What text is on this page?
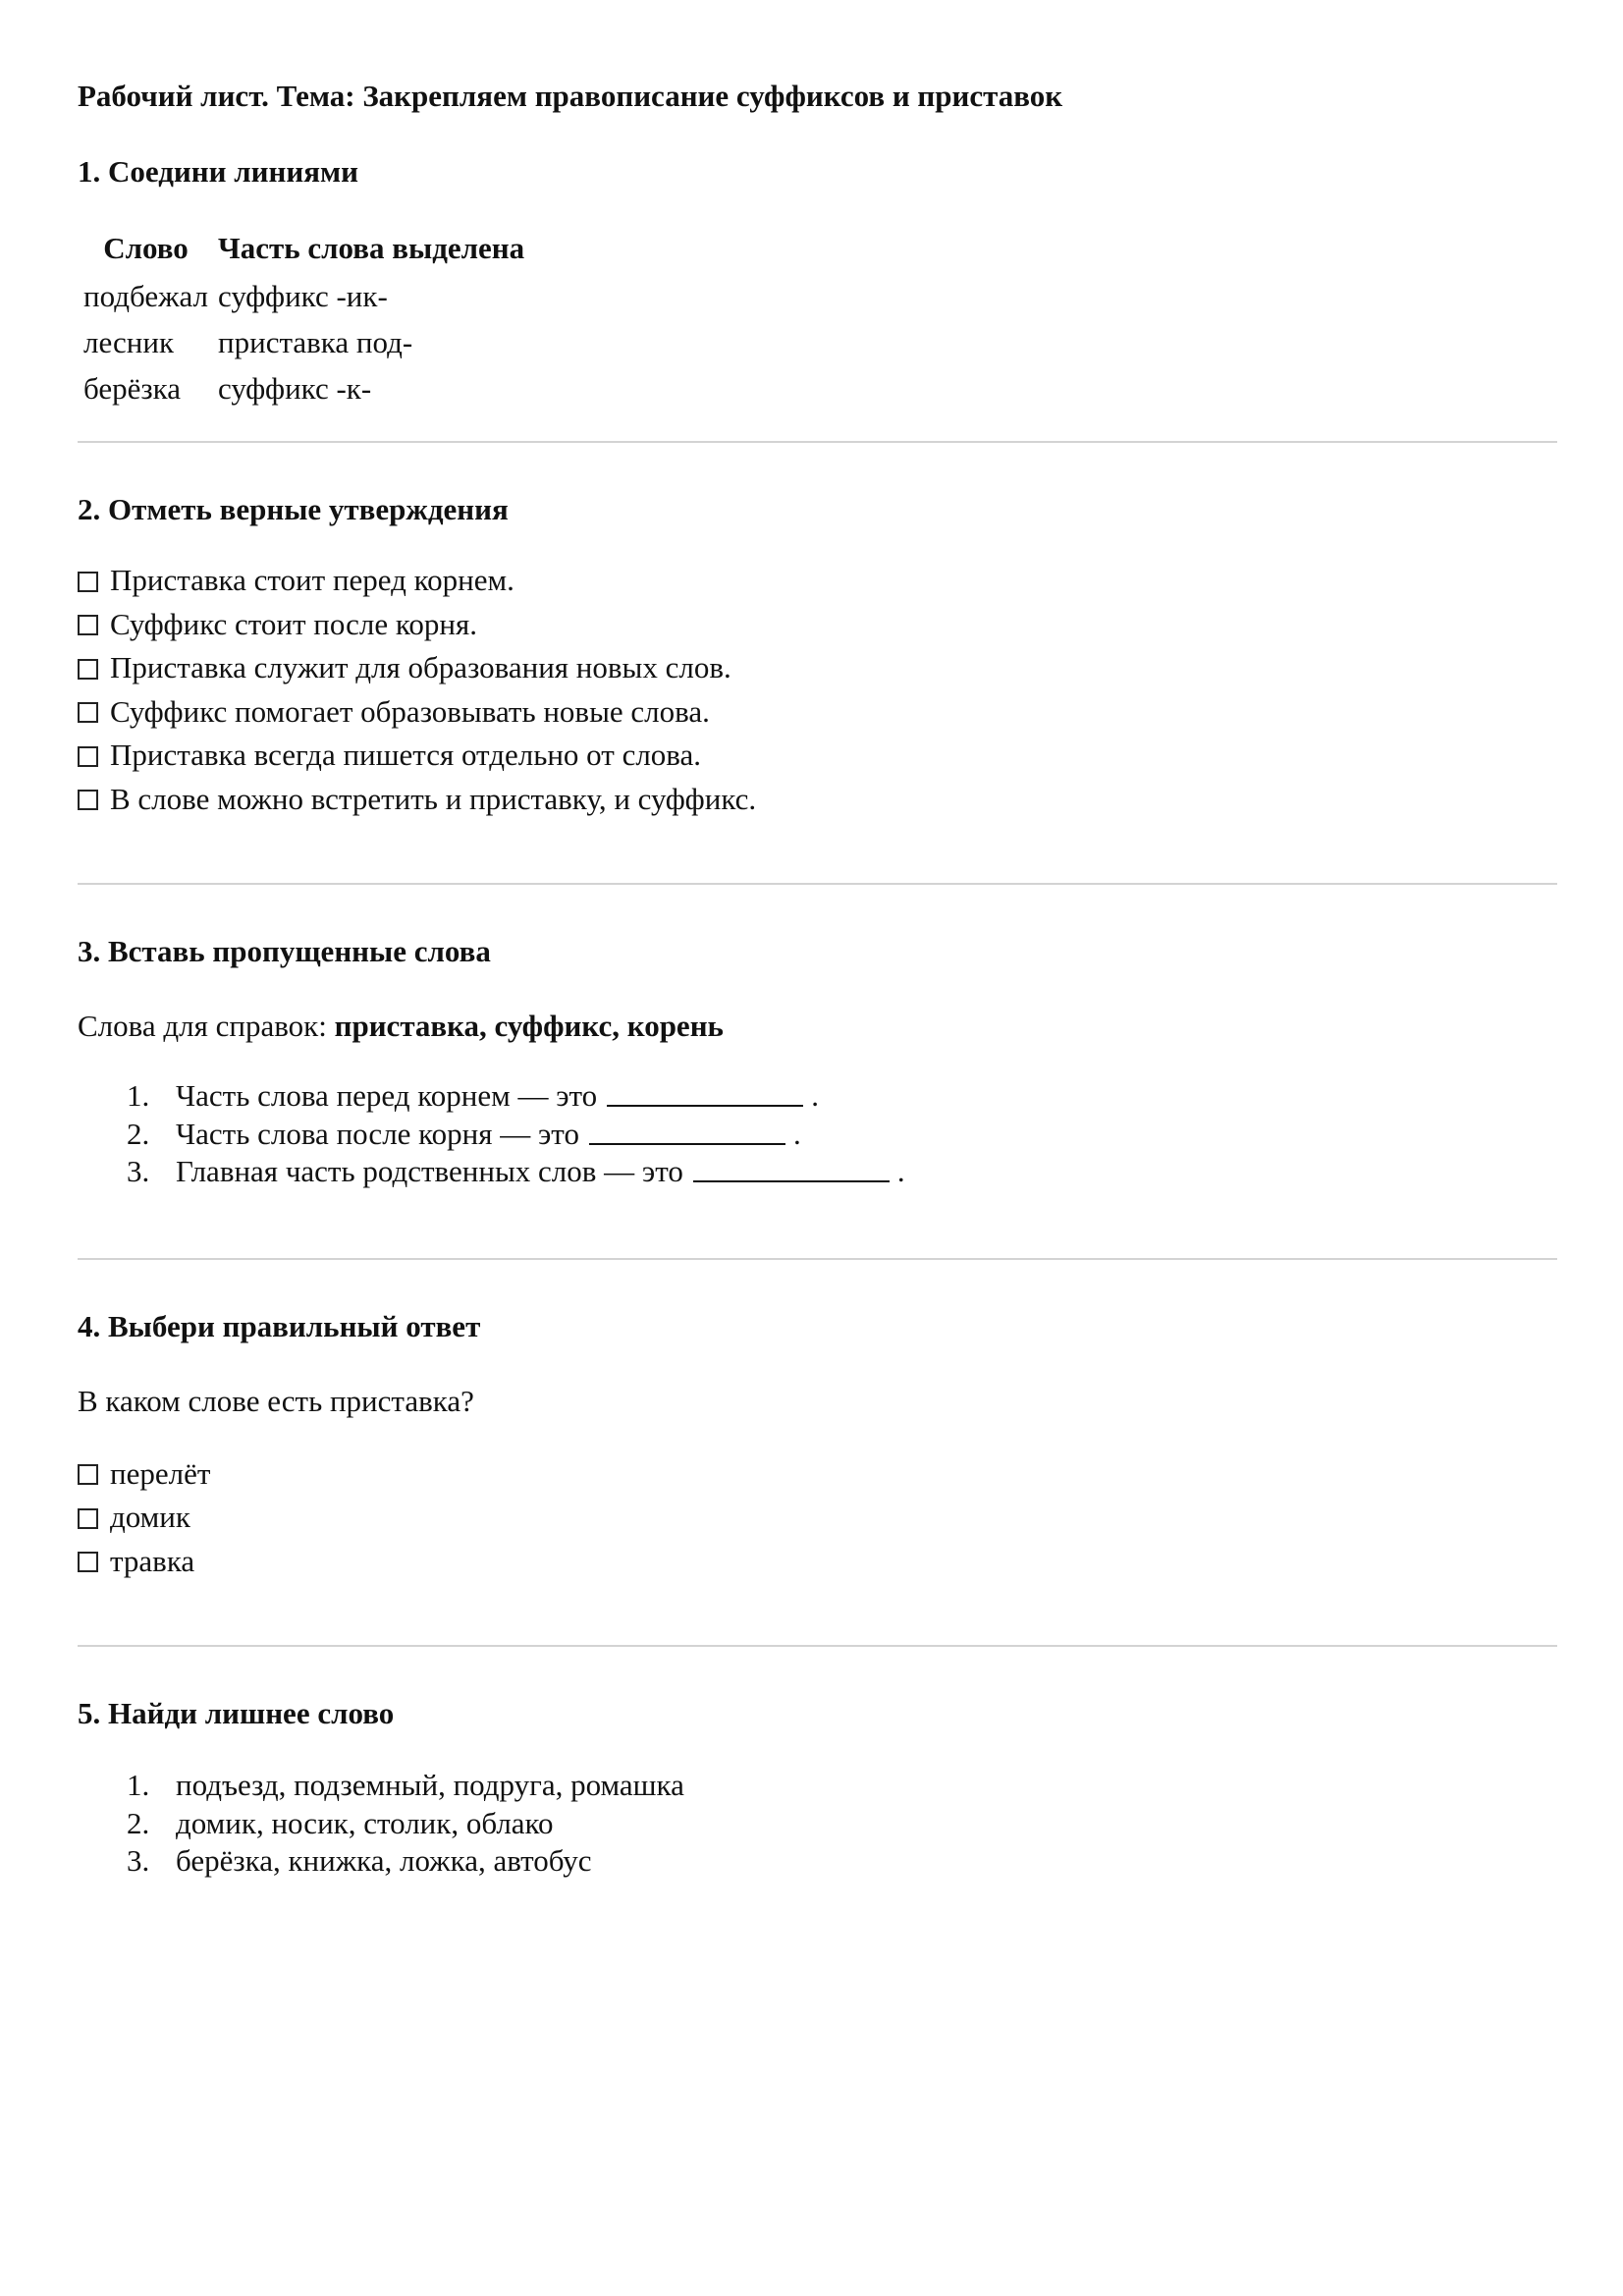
Рабочий лист. Тема: Закрепляем правописание суффиксов и приставок
1. Соедини линиями
Слово	Часть слова выделена
подбежал	суффикс -ик-
лесник	приставка под-
берёзка	суффикс -к-
2. Отметь верные утверждения
Приставка стоит перед корнем.
Суффикс стоит после корня.
Приставка служит для образования новых слов.
Суффикс помогает образовывать новые слова.
Приставка всегда пишется отдельно от слова.
В слове можно встретить и приставку, и суффикс.
3. Вставь пропущенные слова
Слова для справок: приставка, суффикс, корень
1. Часть слова перед корнем — это	.
2. Часть слова после корня — это	.
3. Главная часть родственных слов — это	.
4. Выбери правильный ответ
В каком слове есть приставка?
перелёт
домик
травка
5. Найди лишнее слово
1. подъезд, подземный, подруга, ромашка
2. домик, носик, столик, облако
3. берёзка, книжка, ложка, автобус
